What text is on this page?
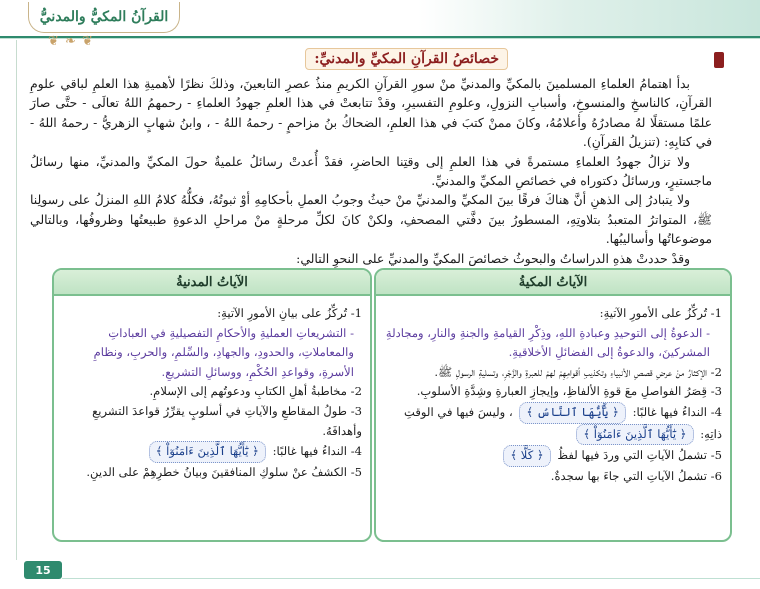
القرآنُ المكيُّ والمدنيُّ
❦ ❧ ❦
خصائصُ القرآنِ المكيِّ والمدنيِّ:

بدأ اهتمامُ العلماءِ المسلمينَ بالمكيِّ والمدنيِّ منْ سورِ القرآنِ الكريمِ منذُ عصرِ التابعينَ، وذلكَ نظرًا لأهميةِ هذا العلمِ لباقي علومِ القرآنِ، كالناسخِ والمنسوخِ، وأسبابِ النزولِ، وعلومِ التفسيرِ، وقدْ تتابعتْ في هذا العلمِ جهودُ العلماءِ - رحمهمُ اللهُ تعالَى - حتَّى صارَ علمًا مستقلًا لهُ مصادرُهُ وأعلامُهُ، وكانَ ممنْ كتبَ في هذا العلمِ، الضحاكُ بنُ مزاحمٍ - رحمهُ اللهُ - ، وابنُ شهابٍ الزهريُّ - رحمهُ اللهُ - في كتابِهِ: (تنزيلُ القرآنِ).

ولا تزالُ جهودُ العلماءِ مستمرةً في هذا العلمِ إلى وقتِنا الحاضرِ، فقدْ أُعدتْ رسائلُ علميةٌ حولَ المكيِّ والمدنيِّ، منها رسائلُ ماجستيرٍ، ورسائلُ دكتوراه في خصائصِ المكيِّ والمدنيِّ.

ولا يتبادرُ إلى الذهنِ أنَّ هناكَ فرقًا بينَ المكيِّ والمدنيِّ منْ حيثُ وجوبُ العملِ بأحكامِهِ أوْ ثبوتُهُ، فكلُّهُ كلامُ اللهِ المنزلُ على رسولِنا ﷺ، المتواترُ المتعبدُ بتلاوتِهِ، المسطورُ بينَ دفَّتي المصحفِ، ولكنْ كانَ لكلِّ مرحلةٍ منْ مراحلِ الدعوةِ طبيعتُها وظروفُها، وبالتالي موضوعاتُها وأساليبُها.

وقدْ حددتْ هذهِ الدراساتُ والبحوثُ خصائصَ المكيِّ والمدنيِّ على النحوِ التالي:

الآياتُ المكيةُ

1- تُركِّزُ على الأمورِ الآتيةِ:

- الدعوةُ إلى التوحيدِ وعبادةِ اللهِ، وذِكْرِ القيامةِ والجنةِ والنارِ، ومجادلةِ المشركينَ، والدعوةُ إلى الفضائلِ الأخلاقيةِ.

2- الإكثارُ منْ عرضِ قصصِ الأنبياءِ وتكذيبِ أقوامِهِمْ لهمْ للعبرةِ والزَّجْرِ، وتسليةِ الرسولِ ﷺ.

3- قِصَرُ الفواصلِ معَ قوةِ الألفاظِ، وإيجازِ العبارةِ وشِدَّةِ الأسلوبِ.

4- النداءُ فيها غالبًا: ﴿ يَٰٓأَيُّهَا ٱلنَّاسُ ﴾ ، وليسَ فيها في الوقتِ ذاتِهِ: ﴿ يَٰٓأَيُّهَا ٱلَّذِينَ ءَامَنُوٓاْ ﴾

5- تشملُ الآياتِ التي وردَ فيها لفظُ ﴿ كَلَّا ﴾

6- تشملُ الآياتِ التي جاءَ بها سجدةٌ.

الآياتُ المدنيةُ

1- تُركِّزُ على بيانِ الأمورِ الآتيةِ:

- التشريعاتِ العمليةِ والأحكامِ التفصيليةِ في العباداتِ والمعاملاتِ، والحدودِ، والجهادِ، والسِّلمِ، والحربِ، ونظامِ الأسرةِ، وقواعدِ الحُكْمِ، ووسائلِ التشريعِ.

2- مخاطبةُ أهلِ الكتابِ ودعوتُهم إلى الإسلامِ.

3- طولُ المقاطعِ والآياتِ في أسلوبٍ يقرِّرُ قواعدَ التشريعِ وأهدافَهُ.

4- النداءُ فيها غالبًا: ﴿ يَٰٓأَيُّهَا ٱلَّذِينَ ءَامَنُوٓاْ ﴾

5- الكشفُ عنْ سلوكِ المنافقينَ وبيانُ خطرِهِمْ على الدينِ.

15
